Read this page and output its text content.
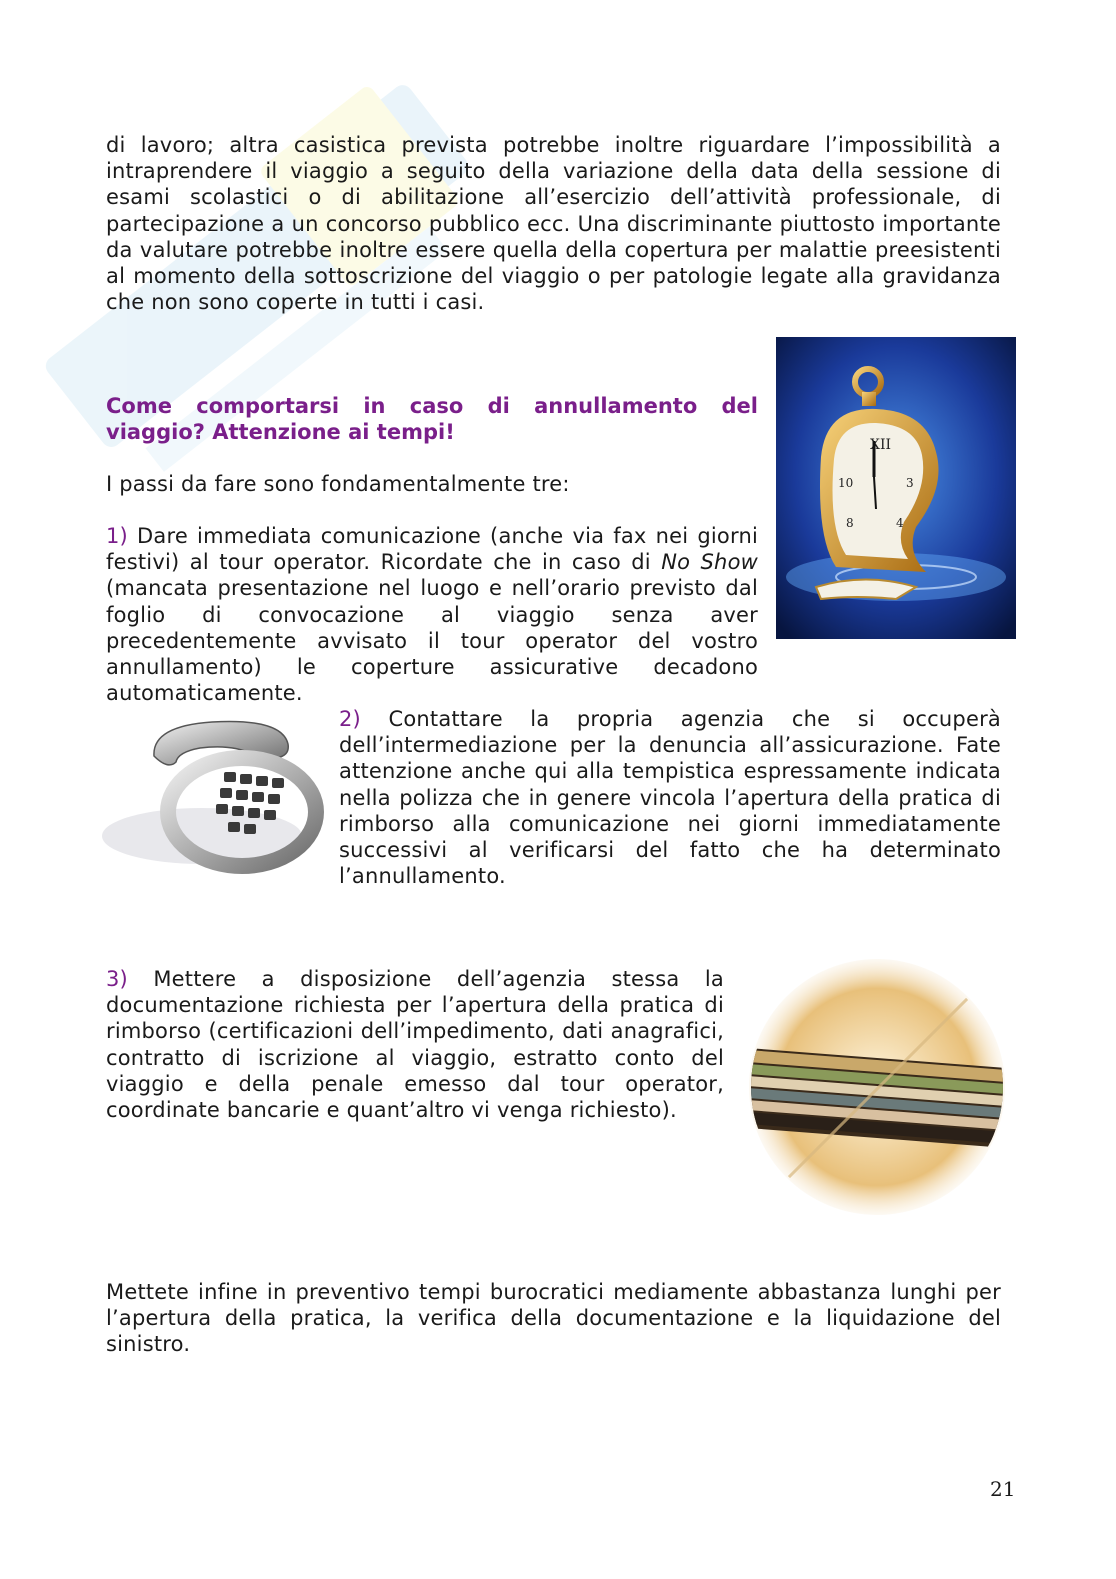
di lavoro; altra casistica prevista potrebbe inoltre riguardare l’impossibilità a intraprendere il viaggio a seguito della variazione della data della sessione di esami scolastici o di abilitazione all’esercizio dell’attività professionale, di partecipazione a un concorso pubblico ecc. Una discriminante piuttosto importante da valutare potrebbe inoltre essere quella della copertura per malattie preesistenti al momento della sottoscrizione del viaggio o per patologie legate alla gravidanza che non sono coperte in tutti i casi.

XII
10	3
8	4
Come comportarsi in caso di annullamento del viaggio? Attenzione ai tempi!

I passi da fare sono fondamentalmente tre:

1) Dare immediata comunicazione (anche via fax nei giorni festivi) al tour operator. Ricordate che in caso di No Show (mancata presentazione nel luogo e nell’orario previsto dal foglio di convocazione al viaggio senza aver precedentemente avvisato il tour operator del vostro annullamento) le coperture assicurative decadono automaticamente.

2) Contattare la propria agenzia che si occuperà dell’intermediazione per la denuncia all’assicurazione. Fate attenzione anche qui alla tempistica espressamente indicata nella polizza che in genere vincola l’apertura della pratica di rimborso alla comunicazione nei giorni immediatamente successivi al verificarsi del fatto che ha determinato l’annullamento.

3) Mettere a disposizione dell’agenzia stessa la documentazione richiesta per l’apertura della pratica di rimborso (certificazioni dell’impedimento, dati anagrafici, contratto di iscrizione al viaggio, estratto conto del viaggio e della penale emesso dal tour operator, coordinate bancarie e quant’altro vi venga richiesto).

Mettete infine in preventivo tempi burocratici mediamente abbastanza lunghi per l’apertura della pratica, la verifica della documentazione e la liquidazione del sinistro.

21
